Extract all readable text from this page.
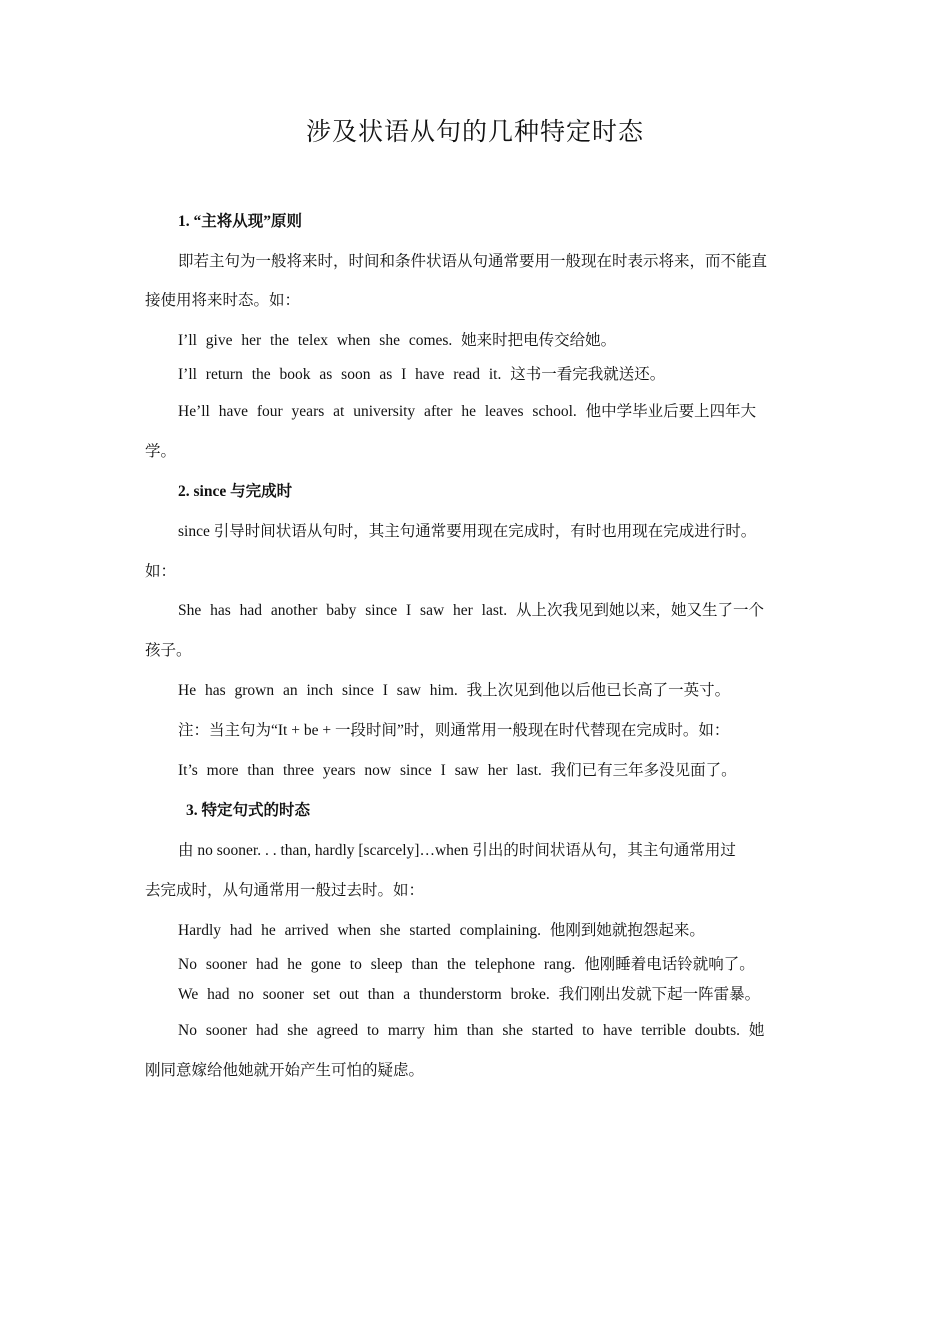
涉及状语从句的几种特定时态
1. “主将从现”原则
即若主句为一般将来时，时间和条件状语从句通常要用一般现在时表示将来，而不能直
接使用将来时态。如：
I’ll give her the telex when she comes. 她来时把电传交给她。
I’ll return the book as soon as I have read it. 这书一看完我就送还。
He’ll have four years at university after he leaves school. 他中学毕业后要上四年大
学。
2. since 与完成时
since 引导时间状语从句时，其主句通常要用现在完成时，有时也用现在完成进行时。
如：
She has had another baby since I saw her last. 从上次我见到她以来，她又生了一个
孩子。
He has grown an inch since I saw him. 我上次见到他以后他已长高了一英寸。
注：当主句为“It + be + 一段时间”时，则通常用一般现在时代替现在完成时。如：
It’s more than three years now since I saw her last. 我们已有三年多没见面了。
3. 特定句式的时态
由 no sooner. . . than, hardly [scarcely]…when 引出的时间状语从句，其主句通常用过
去完成时，从句通常用一般过去时。如：
Hardly had he arrived when she started complaining. 他刚到她就抱怨起来。
No sooner had he gone to sleep than the telephone rang. 他刚睡着电话铃就响了。
We had no sooner set out than a thunderstorm broke. 我们刚出发就下起一阵雷暴。
No sooner had she agreed to marry him than she started to have terrible doubts. 她
刚同意嫁给他她就开始产生可怕的疑虑。
